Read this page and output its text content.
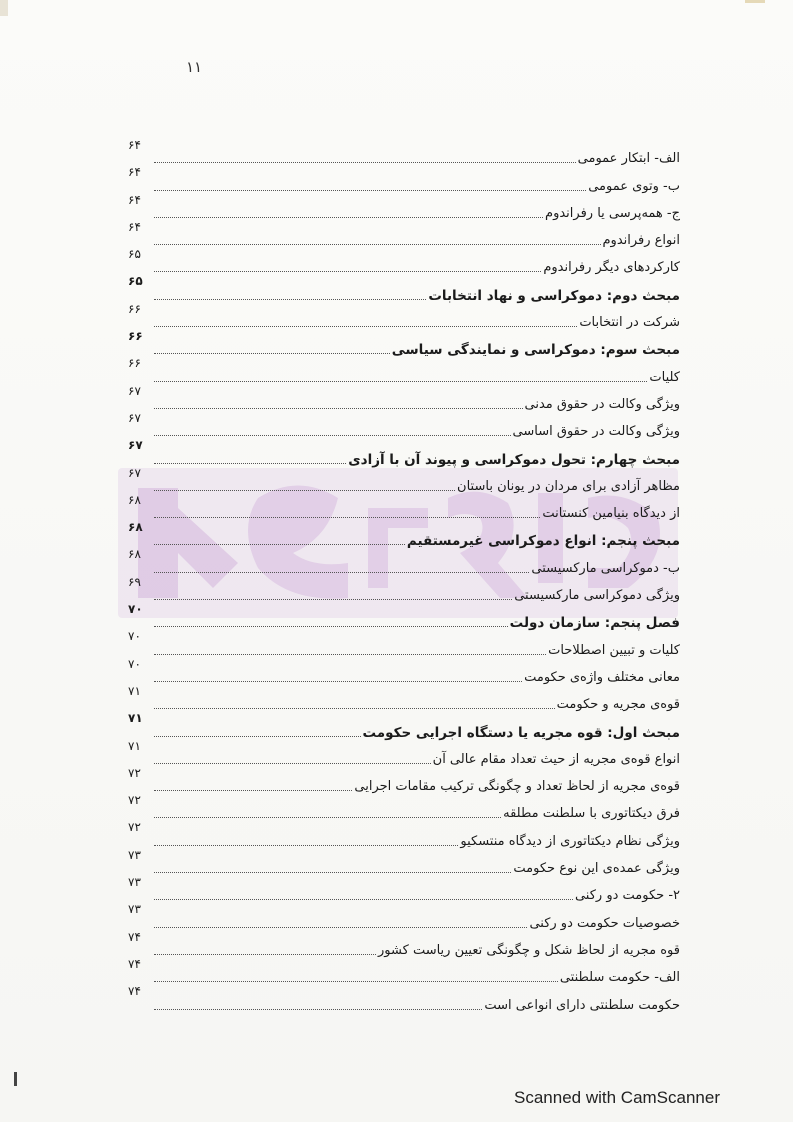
۱۱
الف- ابتکار عمومی
۶۴
ب- وتوی عمومی
۶۴
ج- همه‌پرسی یا رفراندوم
۶۴
انواع رفراندوم
۶۴
کارکردهای دیگر رفراندوم
۶۵
مبحث دوم: دموکراسی و نهاد انتخابات
۶۵
شرکت در انتخابات
۶۶
مبحث سوم: دموکراسی و نمایندگی سیاسی
۶۶
کلیات
۶۶
ویژگی وکالت در حقوق مدنی
۶۷
ویژگی وکالت در حقوق اساسی
۶۷
مبحث چهارم: تحول دموکراسی و پیوند آن با آزادی
۶۷
مظاهر آزادی برای مردان در یونان باستان
۶۷
از دیدگاه بنیامین کنستانت
۶۸
مبحث پنجم: انواع دموکراسی غیرمستقیم
۶۸
ب- دموکراسی مارکسیستی
۶۸
ویژگی دموکراسی مارکسیستی
۶۹
فصل پنجم: سازمان دولت
۷۰
کلیات و تبیین اصطلاحات
۷۰
معانی مختلف واژه‌ی حکومت
۷۰
قوه‌ی مجریه و حکومت
۷۱
مبحث اول: قوه مجریه یا دستگاه اجرایی حکومت
۷۱
انواع قوه‌ی مجریه از حیث تعداد مقام عالی آن
۷۱
قوه‌ی مجریه از لحاظ تعداد و چگونگی ترکیب مقامات اجرایی
۷۲
فرق دیکتاتوری با سلطنت مطلقه
۷۲
ویژگی نظام دیکتاتوری از دیدگاه منتسکیو
۷۲
ویژگی عمده‌ی این نوع حکومت
۷۳
۲- حکومت دو رکنی
۷۳
خصوصیات حکومت دو رکنی
۷۳
قوه مجریه از لحاظ شکل و چگونگی تعیین ریاست کشور
۷۴
الف- حکومت سلطنتی
۷۴
حکومت سلطنتی دارای انواعی است
۷۴
Scanned with CamScanner
